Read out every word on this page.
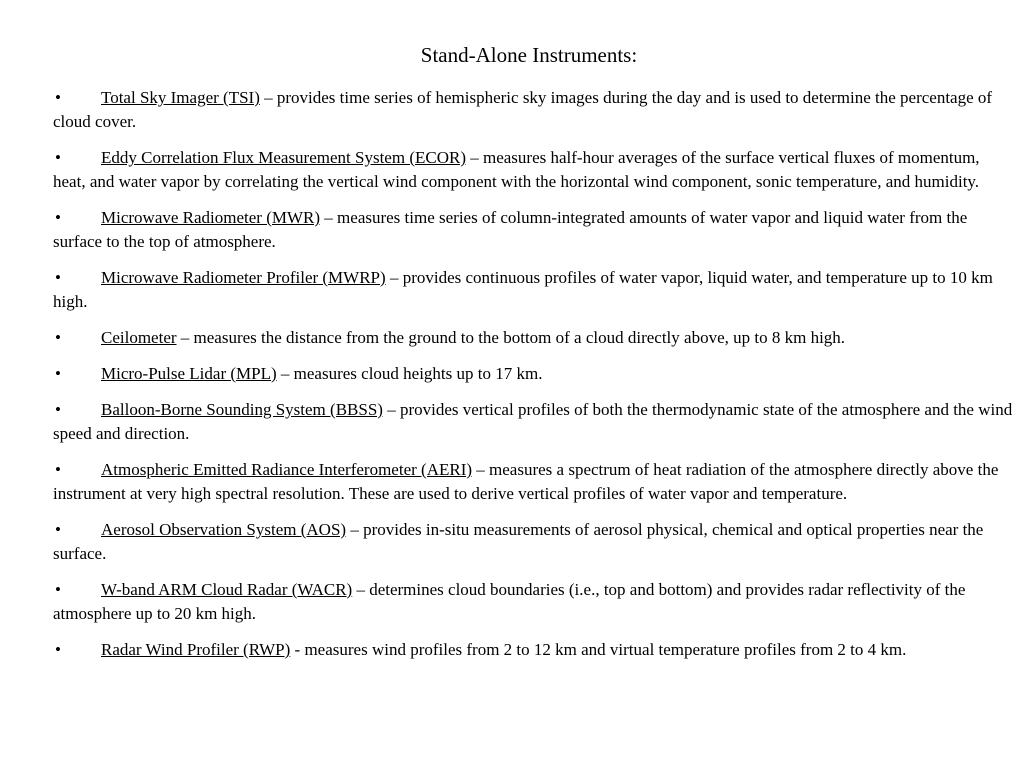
Stand-Alone Instruments:
• Total Sky Imager (TSI) – provides time series of hemispheric sky images during the day and is used to determine the percentage of cloud cover.
• Eddy Correlation Flux Measurement System (ECOR) – measures half-hour averages of the surface vertical fluxes of momentum, heat, and water vapor by correlating the vertical wind component with the horizontal wind component, sonic temperature, and humidity.
• Microwave Radiometer (MWR) – measures time series of column-integrated amounts of water vapor and liquid water from the surface to the top of atmosphere.
• Microwave Radiometer Profiler (MWRP) – provides continuous profiles of water vapor, liquid water, and temperature up to 10 km high.
• Ceilometer – measures the distance from the ground to the bottom of a cloud directly above, up to 8 km high.
• Micro-Pulse Lidar (MPL) – measures cloud heights up to 17 km.
• Balloon-Borne Sounding System (BBSS) – provides vertical profiles of both the thermodynamic state of the atmosphere and the wind speed and direction.
• Atmospheric Emitted Radiance Interferometer (AERI) – measures a spectrum of heat radiation of the atmosphere directly above the instrument at very high spectral resolution. These are used to derive vertical profiles of water vapor and temperature.
• Aerosol Observation System (AOS) – provides in-situ measurements of aerosol physical, chemical and optical properties near the surface.
• W-band ARM Cloud Radar (WACR) – determines cloud boundaries (i.e., top and bottom) and provides radar reflectivity of the atmosphere up to 20 km high.
• Radar Wind Profiler (RWP) - measures wind profiles from 2 to 12 km and virtual temperature profiles from 2 to 4 km.
